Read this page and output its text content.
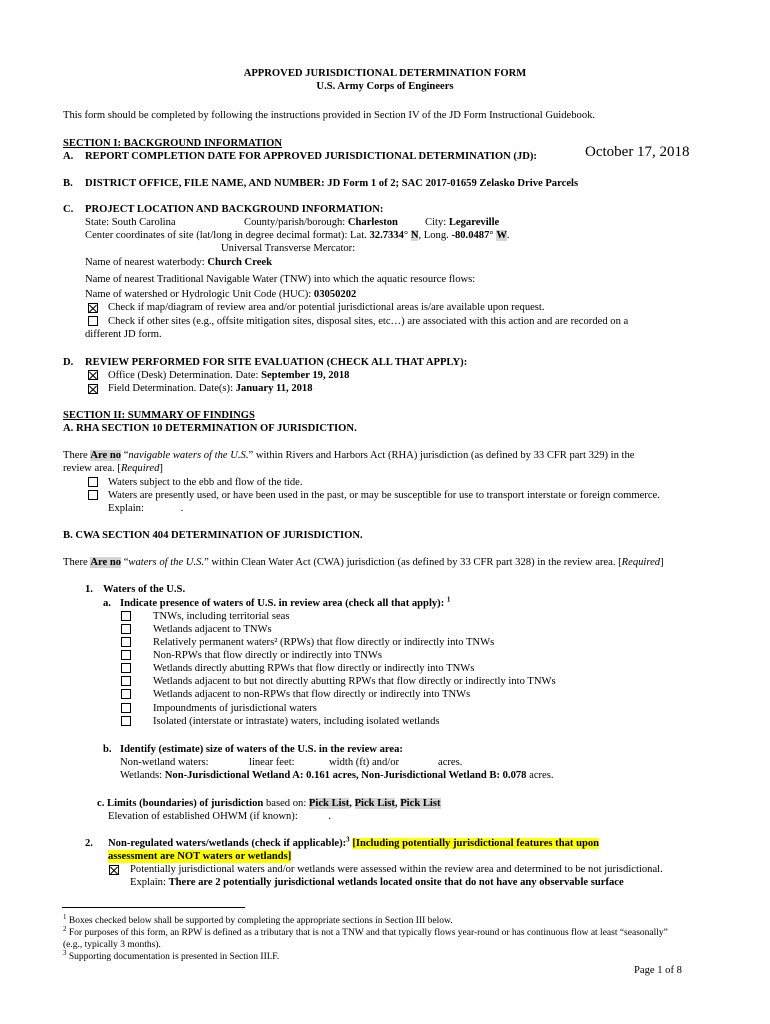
APPROVED JURISDICTIONAL DETERMINATION FORM
U.S. Army Corps of Engineers
This form should be completed by following the instructions provided in Section IV of the JD Form Instructional Guidebook.
SECTION I: BACKGROUND INFORMATION
A. REPORT COMPLETION DATE FOR APPROVED JURISDICTIONAL DETERMINATION (JD):	October 17, 2018
B. DISTRICT OFFICE, FILE NAME, AND NUMBER: JD Form 1 of 2; SAC 2017-01659 Zelasko Drive Parcels
C. PROJECT LOCATION AND BACKGROUND INFORMATION:
State: South Carolina	County/parish/borough: Charleston	City: Legareville
Center coordinates of site (lat/long in degree decimal format): Lat. 32.7334° N, Long. -80.0487° W.
Universal Transverse Mercator:
Name of nearest waterbody: Church Creek
Name of nearest Traditional Navigable Water (TNW) into which the aquatic resource flows:
Name of watershed or Hydrologic Unit Code (HUC): 03050202
Check if map/diagram of review area and/or potential jurisdictional areas is/are available upon request.
Check if other sites (e.g., offsite mitigation sites, disposal sites, etc…) are associated with this action and are recorded on a
different JD form.
D. REVIEW PERFORMED FOR SITE EVALUATION (CHECK ALL THAT APPLY):
Office (Desk) Determination. Date: September 19, 2018
Field Determination. Date(s): January 11, 2018
SECTION II: SUMMARY OF FINDINGS
A. RHA SECTION 10 DETERMINATION OF JURISDICTION.
There Are no “navigable waters of the U.S.” within Rivers and Harbors Act (RHA) jurisdiction (as defined by 33 CFR part 329) in the
review area. [Required]
Waters subject to the ebb and flow of the tide.
Waters are presently used, or have been used in the past, or may be susceptible for use to transport interstate or foreign commerce.
Explain:	.
B. CWA SECTION 404 DETERMINATION OF JURISDICTION.
There Are no “waters of the U.S.” within Clean Water Act (CWA) jurisdiction (as defined by 33 CFR part 328) in the review area. [Required]
1. Waters of the U.S.
a. Indicate presence of waters of U.S. in review area (check all that apply): $^1$
TNWs, including territorial seas
Wetlands adjacent to TNWs
Relatively permanent waters² (RPWs) that flow directly or indirectly into TNWs
Non-RPWs that flow directly or indirectly into TNWs
Wetlands directly abutting RPWs that flow directly or indirectly into TNWs
Wetlands adjacent to but not directly abutting RPWs that flow directly or indirectly into TNWs
Wetlands adjacent to non-RPWs that flow directly or indirectly into TNWs
Impoundments of jurisdictional waters
Isolated (interstate or intrastate) waters, including isolated wetlands
b. Identify (estimate) size of waters of the U.S. in the review area:
Non-wetland waters:	linear feet:	width (ft) and/or	acres.
Wetlands: Non-Jurisdictional Wetland A: 0.161 acres, Non-Jurisdictional Wetland B: 0.078 acres.
c. Limits (boundaries) of jurisdiction based on: Pick List, Pick List, Pick List
Elevation of established OHWM (if known):	.
2. Non-regulated waters/wetlands (check if applicable):$^3$ [Including potentially jurisdictional features that upon
assessment are NOT waters or wetlands]
Potentially jurisdictional waters and/or wetlands were assessed within the review area and determined to be not jurisdictional.
Explain: There are 2 potentially jurisdictional wetlands located onsite that do not have any observable surface
$^1$ Boxes checked below shall be supported by completing the appropriate sections in Section III below.
$^2$ For purposes of this form, an RPW is defined as a tributary that is not a TNW and that typically flows year-round or has continuous flow at least “seasonally”
(e.g., typically 3 months).
$^3$ Supporting documentation is presented in Section III.F.
Page 1 of 8
